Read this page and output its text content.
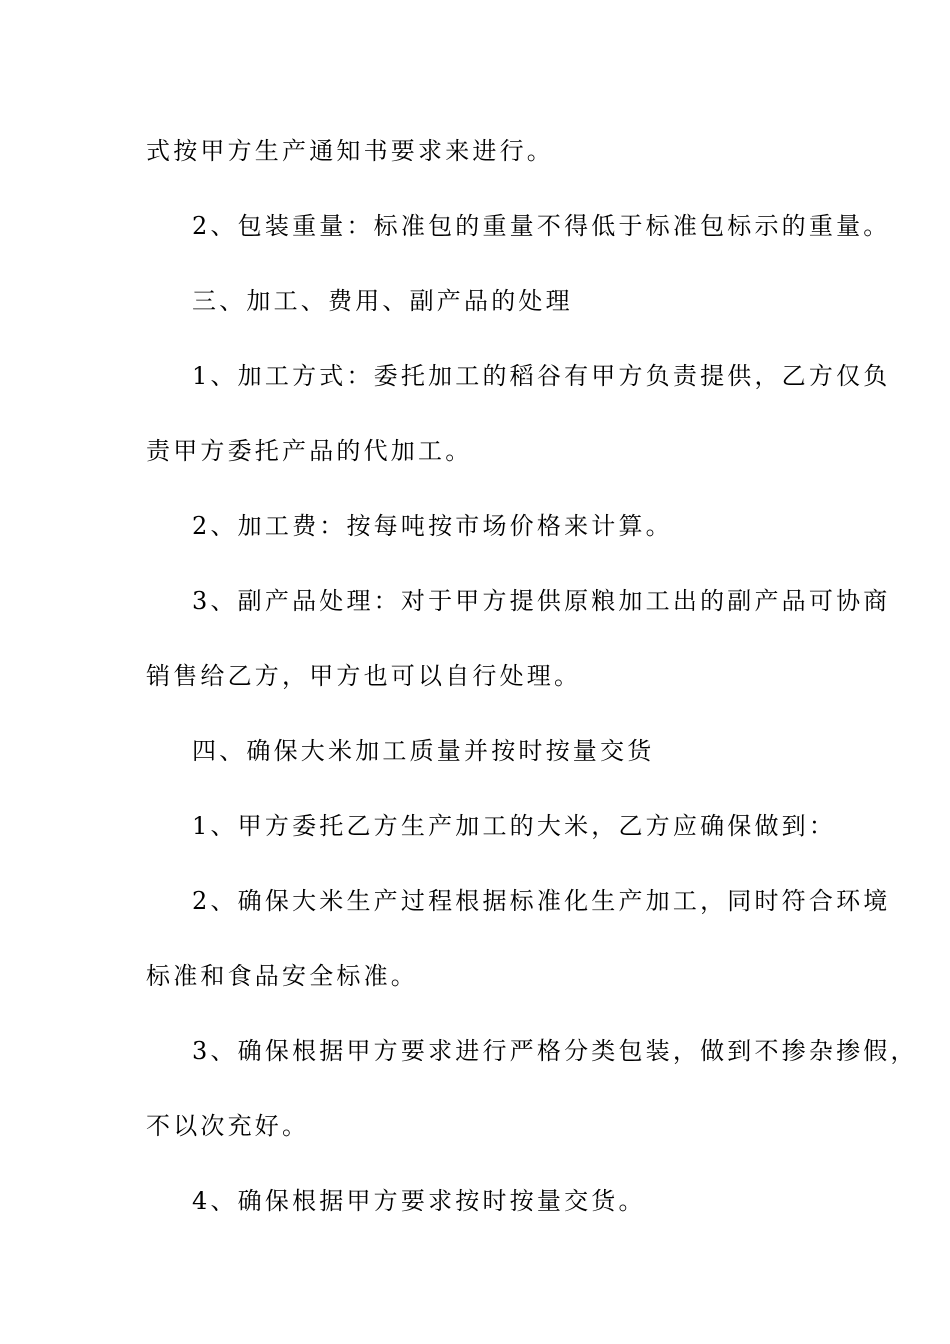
式按甲方生产通知书要求来进行。
2、包装重量：标准包的重量不得低于标准包标示的重量。
三、加工、费用、副产品的处理
1、加工方式：委托加工的稻谷有甲方负责提供，乙方仅负
责甲方委托产品的代加工。
2、加工费：按每吨按市场价格来计算。
3、副产品处理：对于甲方提供原粮加工出的副产品可协商
销售给乙方，甲方也可以自行处理。
四、确保大米加工质量并按时按量交货
1、甲方委托乙方生产加工的大米，乙方应确保做到：
2、确保大米生产过程根据标准化生产加工，同时符合环境
标准和食品安全标准。
3、确保根据甲方要求进行严格分类包装，做到不掺杂掺假，
不以次充好。
4、确保根据甲方要求按时按量交货。
